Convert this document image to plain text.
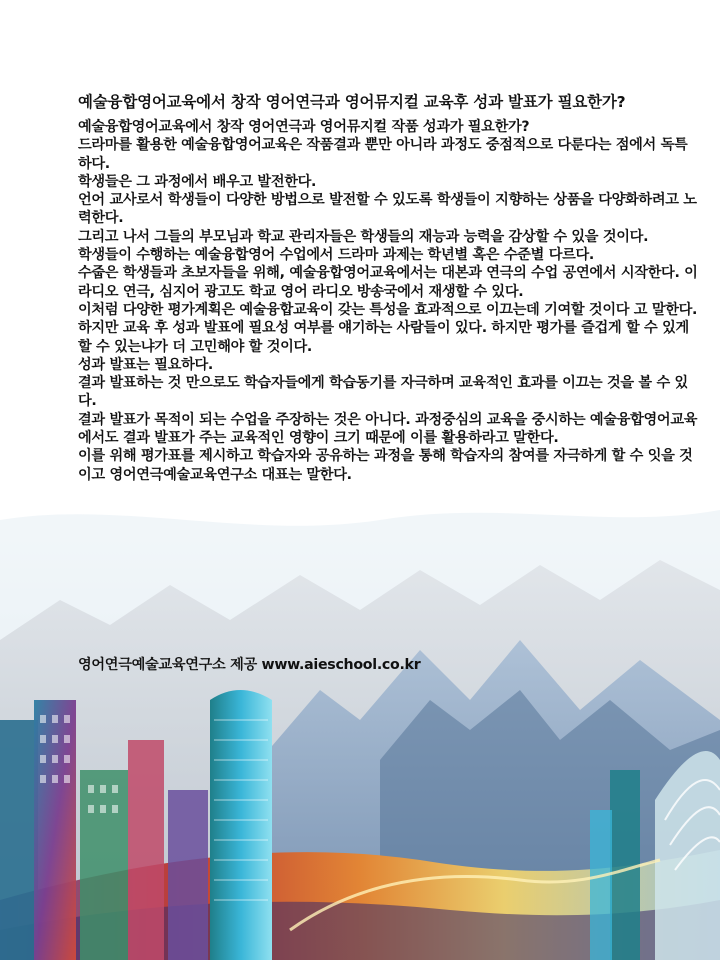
예술융합영어교육에서 창작 영어연극과 영어뮤지컬 교육후 성과 발표가 필요한가?

예술융합영어교육에서 창작 영어연극과 영어뮤지컬 작품 성과가 필요한가?

드라마를 활용한 예술융합영어교육은 작품결과 뿐만 아니라 과정도 중점적으로 다룬다는 점에서 독특하다.

학생들은 그 과정에서 배우고 발전한다.

언어 교사로서 학생들이 다양한 방법으로 발전할 수 있도록 학생들이 지향하는 상품을 다양화하려고 노력한다.

그리고 나서 그들의 부모님과 학교 관리자들은 학생들의 재능과 능력을 감상할 수 있을 것이다.

학생들이 수행하는 예술융합영어 수업에서 드라마 과제는 학년별 혹은 수준별 다르다.

수줍은 학생들과 초보자들을 위해, 예술융합영어교육에서는 대본과 연극의 수업 공연에서 시작한다. 이 라디오 연극, 심지어 광고도 학교 영어 라디오 방송국에서 재생할 수 있다.

이처럼 다양한 평가계획은 예술융합교육이 갖는 특성을 효과적으로 이끄는데 기여할 것이다 고 말한다.

하지만 교육 후 성과 발표에 필요성 여부를 얘기하는 사람들이 있다. 하지만 평가를 즐겁게 할 수 있게 할 수 있는냐가 더 고민해야 할 것이다.

성과 발표는 필요하다.

결과 발표하는 것 만으로도 학습자들에게 학습동기를 자극하며 교육적인 효과를 이끄는 것을 볼 수 있다.

결과 발표가 목적이 되는 수업을 주장하는 것은 아니다. 과정중심의 교육을 중시하는 예술융합영어교육에서도 결과 발표가 주는 교육적인 영향이 크기 때문에 이를 활용하라고 말한다.

이를 위해 평가표를 제시하고 학습자와 공유하는 과정을 통해 학습자의 참여를 자극하게 할 수 잇을 것이고 영어연극예술교육연구소 대표는 말한다.

영어연극예술교육연구소 제공 www.aieschool.co.kr
